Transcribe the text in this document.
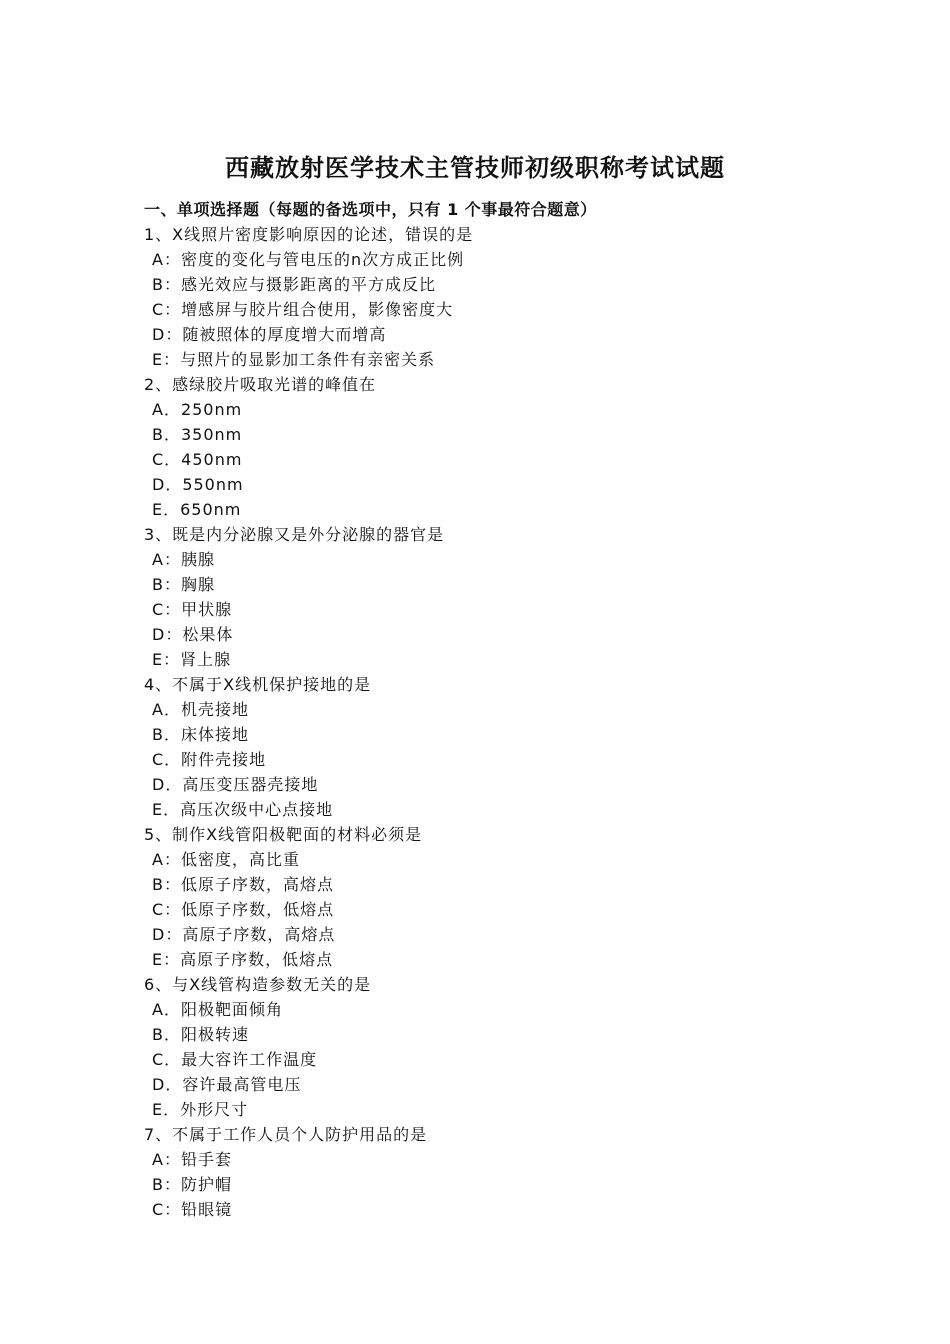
西藏放射医学技术主管技师初级职称考试试题
一、单项选择题（每题的备选项中，只有 1 个事最符合题意）
1、X线照片密度影响原因的论述，错误的是
A：密度的变化与管电压的n次方成正比例
B：感光效应与摄影距离的平方成反比
C：增感屏与胶片组合使用，影像密度大
D：随被照体的厚度增大而增高
E：与照片的显影加工条件有亲密关系
2、感绿胶片吸取光谱的峰值在
A．250nm
B．350nm
C．450nm
D．550nm
E．650nm
3、既是内分泌腺又是外分泌腺的器官是
A：胰腺
B：胸腺
C：甲状腺
D：松果体
E：肾上腺
4、不属于X线机保护接地的是
A．机壳接地
B．床体接地
C．附件壳接地
D．高压变压器壳接地
E．高压次级中心点接地
5、制作X线管阳极靶面的材料必须是
A：低密度，高比重
B：低原子序数，高熔点
C：低原子序数，低熔点
D：高原子序数，高熔点
E：高原子序数，低熔点
6、与X线管构造参数无关的是
A．阳极靶面倾角
B．阳极转速
C．最大容许工作温度
D．容许最高管电压
E．外形尺寸
7、不属于工作人员个人防护用品的是
A：铅手套
B：防护帽
C：铅眼镜
